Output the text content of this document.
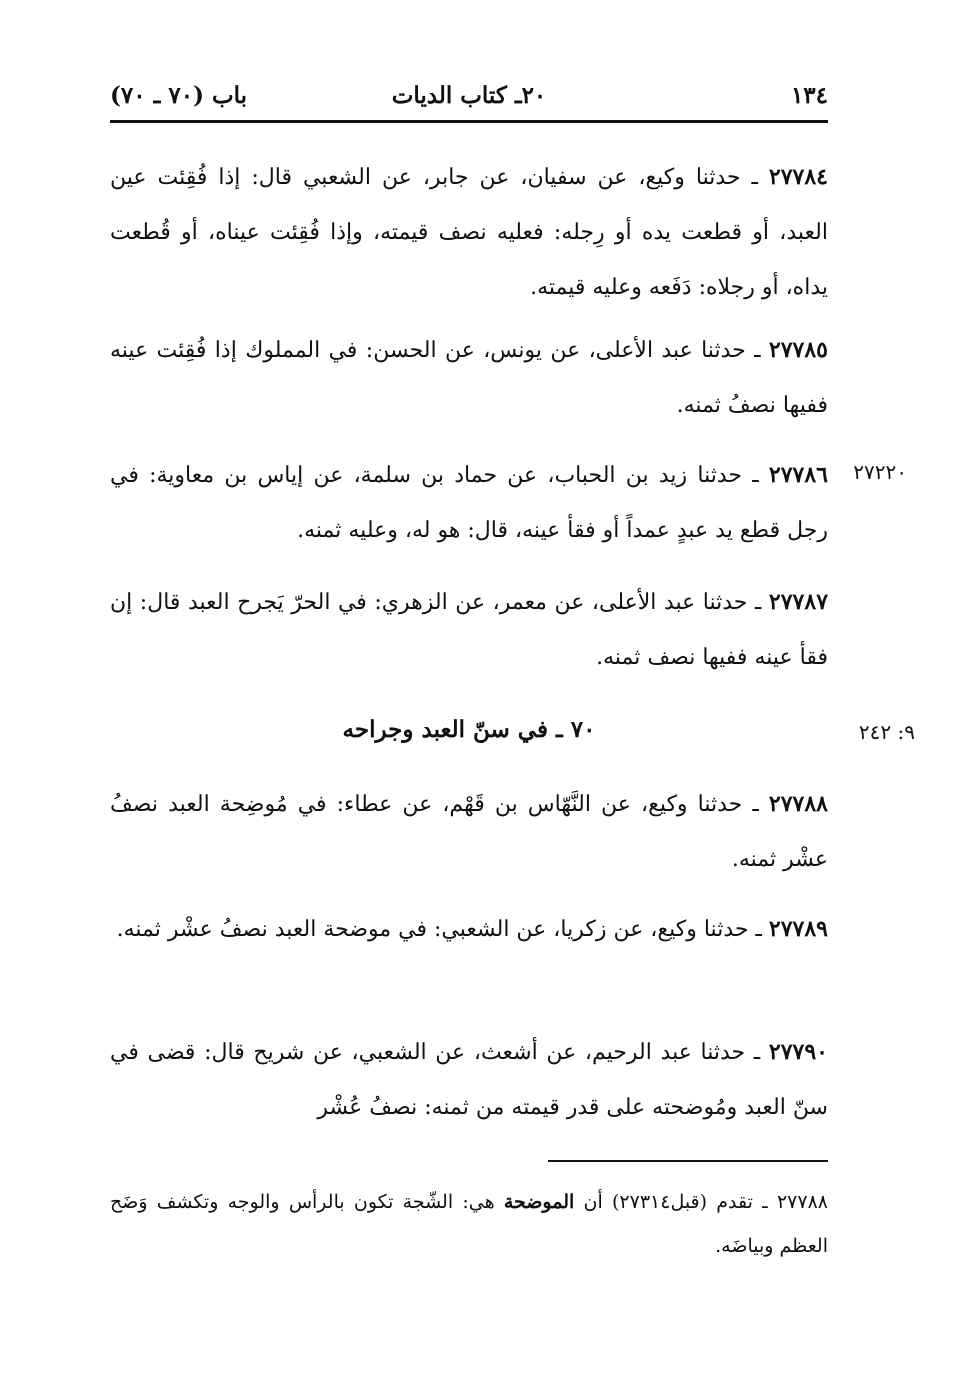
١٣٤
٢٠ـ كتاب الديات
باب (٧٠ ـ ٧٠)
٢٧٧٨٤ ـ حدثنا وكيع، عن سفيان، عن جابر، عن الشعبي قال: إذا فُقِئت عين العبد، أو قطعت يده أو رِجله: فعليه نصف قيمته، وإذا فُقِئت عيناه، أو قُطعت يداه، أو رجلاه: دَفَعه وعليه قيمته.
٢٧٧٨٥ ـ حدثنا عبد الأعلى، عن يونس، عن الحسن: في المملوك إذا فُقِئت عينه ففيها نصفُ ثمنه.
٢٧٧٨٦ ـ حدثنا زيد بن الحباب، عن حماد بن سلمة، عن إياس بن معاوية: في رجل قطع يد عبدٍ عمداً أو فقأ عينه، قال: هو له، وعليه ثمنه.
٢٧٢٢٠
٢٧٧٨٧ ـ حدثنا عبد الأعلى، عن معمر، عن الزهري: في الحرّ يَجرح العبد قال: إن فقأ عينه ففيها نصف ثمنه.
٧٠ ـ في سنّ العبد وجراحه	٩: ٢٤٢
٢٧٧٨٨ ـ حدثنا وكيع، عن النَّهّاس بن قَهْم، عن عطاء: في مُوضِحة العبد نصفُ عشْر ثمنه.
٢٧٧٨٩ ـ حدثنا وكيع، عن زكريا، عن الشعبي: في موضحة العبد نصفُ عشْر ثمنه.
٢٧٧٩٠ ـ حدثنا عبد الرحيم، عن أشعث، عن الشعبي، عن شريح قال: قضى في سنّ العبد ومُوضحته على قدر قيمته من ثمنه: نصفُ عُشْر
٢٧٧٨٨ ـ تقدم (قبل٢٧٣١٤) أن الموضحة هي: الشّجة تكون بالرأس والوجه وتكشف وَضَح العظم وبياضَه.
